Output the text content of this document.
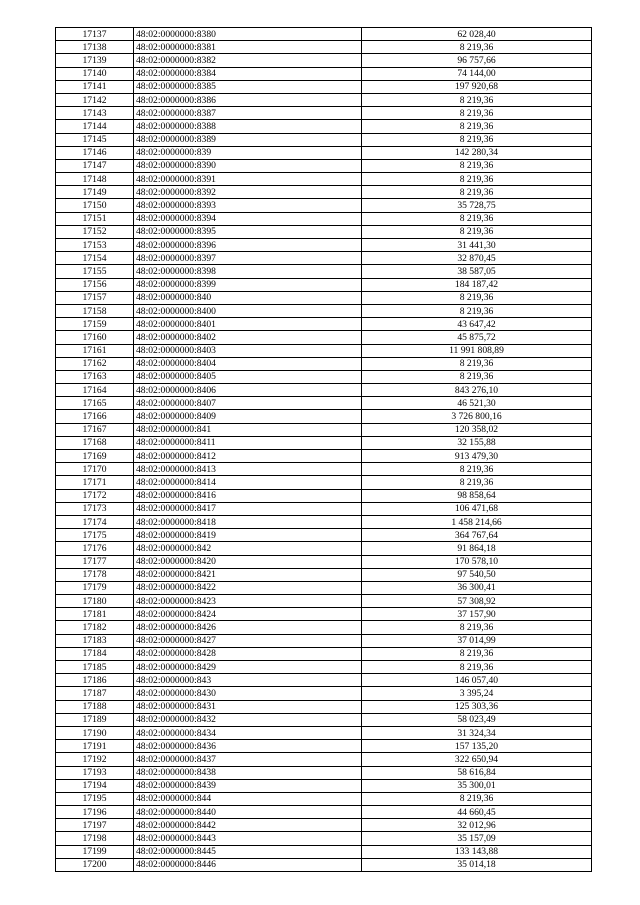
17137	48:02:0000000:8380	62 028,40
17138	48:02:0000000:8381	8 219,36
17139	48:02:0000000:8382	96 757,66
17140	48:02:0000000:8384	74 144,00
17141	48:02:0000000:8385	197 920,68
17142	48:02:0000000:8386	8 219,36
17143	48:02:0000000:8387	8 219,36
17144	48:02:0000000:8388	8 219,36
17145	48:02:0000000:8389	8 219,36
17146	48:02:0000000:839	142 280,34
17147	48:02:0000000:8390	8 219,36
17148	48:02:0000000:8391	8 219,36
17149	48:02:0000000:8392	8 219,36
17150	48:02:0000000:8393	35 728,75
17151	48:02:0000000:8394	8 219,36
17152	48:02:0000000:8395	8 219,36
17153	48:02:0000000:8396	31 441,30
17154	48:02:0000000:8397	32 870,45
17155	48:02:0000000:8398	38 587,05
17156	48:02:0000000:8399	184 187,42
17157	48:02:0000000:840	8 219,36
17158	48:02:0000000:8400	8 219,36
17159	48:02:0000000:8401	43 647,42
17160	48:02:0000000:8402	45 875,72
17161	48:02:0000000:8403	11 991 808,89
17162	48:02:0000000:8404	8 219,36
17163	48:02:0000000:8405	8 219,36
17164	48:02:0000000:8406	843 276,10
17165	48:02:0000000:8407	46 521,30
17166	48:02:0000000:8409	3 726 800,16
17167	48:02:0000000:841	120 358,02
17168	48:02:0000000:8411	32 155,88
17169	48:02:0000000:8412	913 479,30
17170	48:02:0000000:8413	8 219,36
17171	48:02:0000000:8414	8 219,36
17172	48:02:0000000:8416	98 858,64
17173	48:02:0000000:8417	106 471,68
17174	48:02:0000000:8418	1 458 214,66
17175	48:02:0000000:8419	364 767,64
17176	48:02:0000000:842	91 864,18
17177	48:02:0000000:8420	170 578,10
17178	48:02:0000000:8421	97 540,50
17179	48:02:0000000:8422	36 300,41
17180	48:02:0000000:8423	57 308,92
17181	48:02:0000000:8424	37 157,90
17182	48:02:0000000:8426	8 219,36
17183	48:02:0000000:8427	37 014,99
17184	48:02:0000000:8428	8 219,36
17185	48:02:0000000:8429	8 219,36
17186	48:02:0000000:843	146 057,40
17187	48:02:0000000:8430	3 395,24
17188	48:02:0000000:8431	125 303,36
17189	48:02:0000000:8432	58 023,49
17190	48:02:0000000:8434	31 324,34
17191	48:02:0000000:8436	157 135,20
17192	48:02:0000000:8437	322 650,94
17193	48:02:0000000:8438	58 616,84
17194	48:02:0000000:8439	35 300,01
17195	48:02:0000000:844	8 219,36
17196	48:02:0000000:8440	44 660,45
17197	48:02:0000000:8442	32 012,96
17198	48:02:0000000:8443	35 157,09
17199	48:02:0000000:8445	133 143,88
17200	48:02:0000000:8446	35 014,18
